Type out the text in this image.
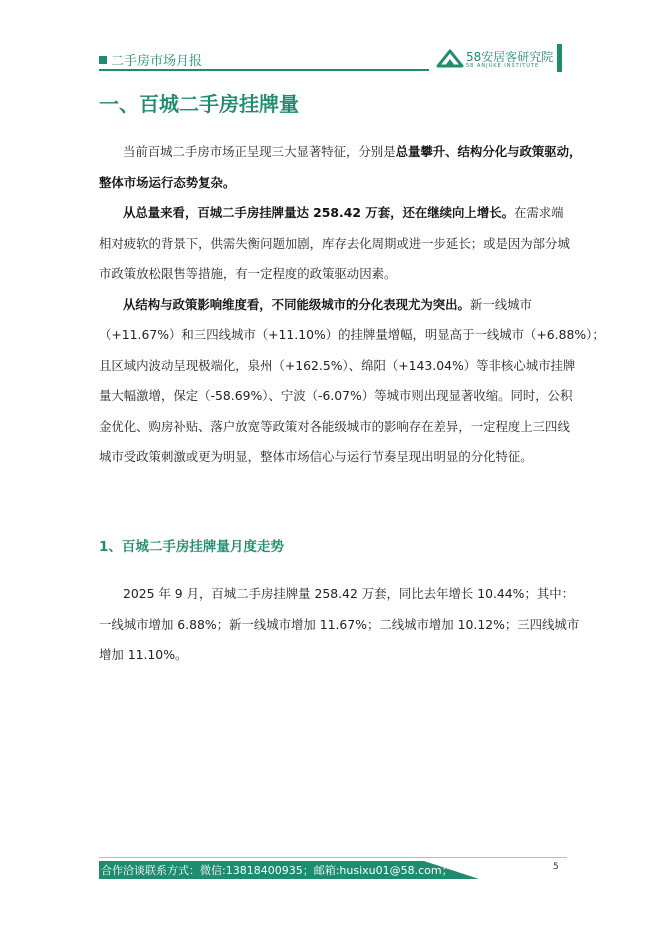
二手房市场月报	58安居客研究院
58 ANJUKE INSTITUTE
一、百城二手房挂牌量

当前百城二手房市场正呈现三大显著特征，分别是总量攀升、结构分化与政策驱动，

整体市场运行态势复杂。

从总量来看，百城二手房挂牌量达 258.42 万套，还在继续向上增长。在需求端

相对疲软的背景下，供需失衡问题加剧，库存去化周期或进一步延长；或是因为部分城

市政策放松限售等措施，有一定程度的政策驱动因素。

从结构与政策影响维度看，不同能级城市的分化表现尤为突出。新一线城市

（+11.67%）和三四线城市（+11.10%）的挂牌量增幅，明显高于一线城市（+6.88%）；

且区域内波动呈现极端化，泉州（+162.5%）、绵阳（+143.04%）等非核心城市挂牌

量大幅激增，保定（-58.69%）、宁波（-6.07%）等城市则出现显著收缩。同时，公积

金优化、购房补贴、落户放宽等政策对各能级城市的影响存在差异，一定程度上三四线

城市受政策刺激或更为明显，整体市场信心与运行节奏呈现出明显的分化特征。

1、百城二手房挂牌量月度走势

2025 年 9 月，百城二手房挂牌量 258.42 万套，同比去年增长 10.44%；其中：

一线城市增加 6.88%；新一线城市增加 11.67%；二线城市增加 10.12%；三四线城市

增加 11.10%。

合作洽谈联系方式：微信:13818400935；邮箱:husixu01@58.com；	5
